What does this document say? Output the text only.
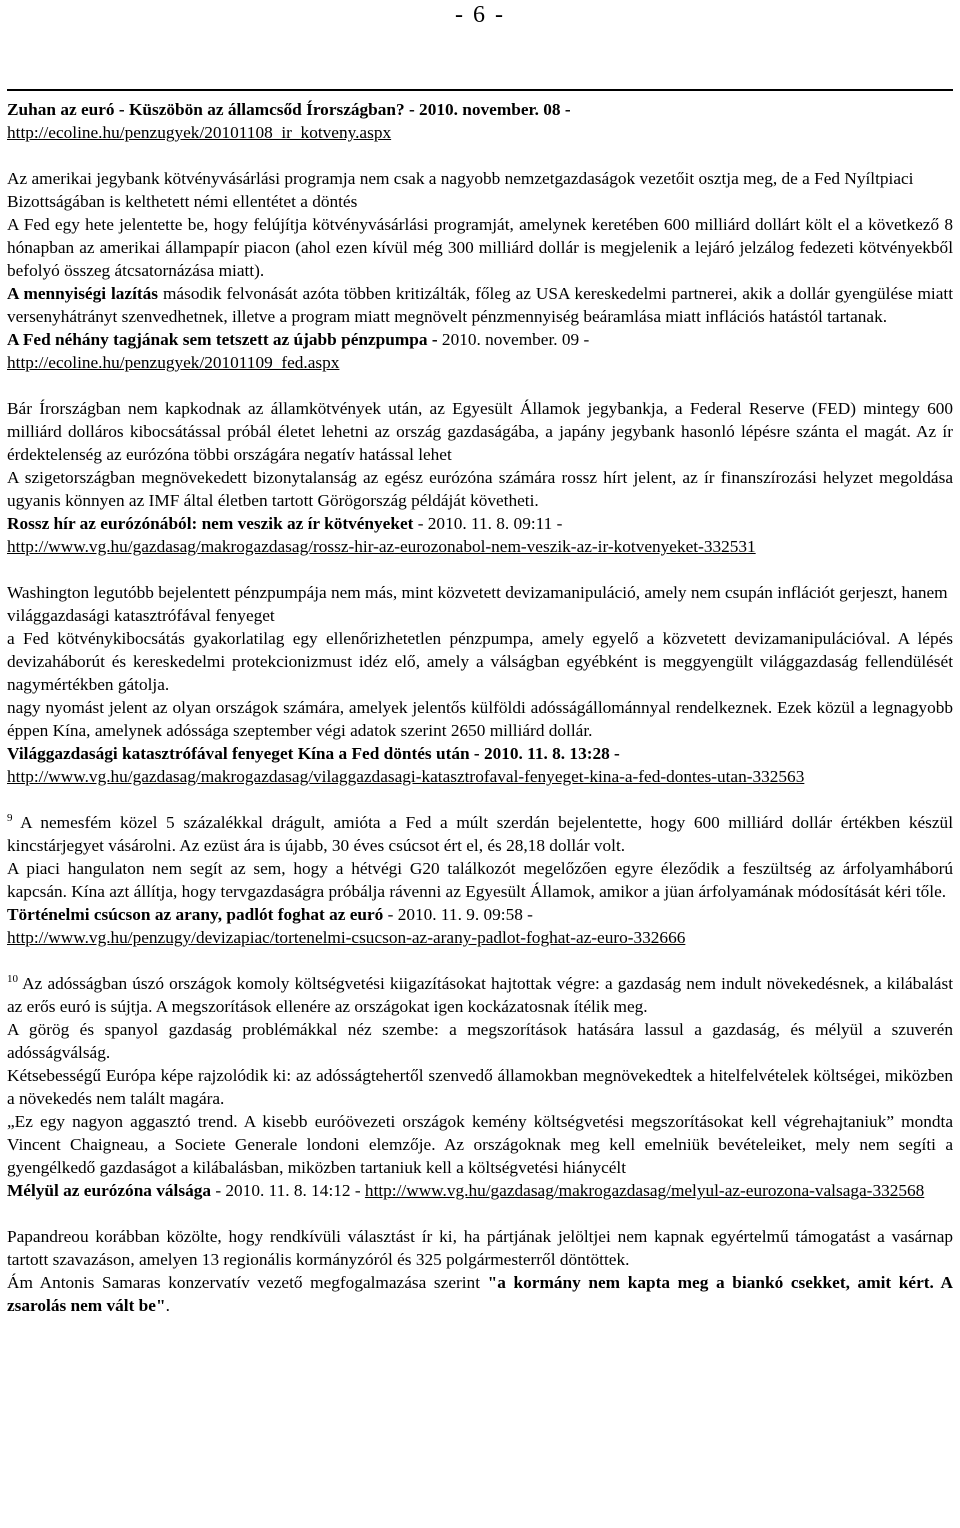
- 6 -
Zuhan az euró - Küszöbön az államcsőd Írországban? - 2010. november. 08 -
http://ecoline.hu/penzugyek/20101108_ir_kotveny.aspx

Az amerikai jegybank kötvényvásárlási programja nem csak a nagyobb nemzetgazdaságok vezetőit osztja meg, de a Fed Nyíltpiaci Bizottságában is kelthetett némi ellentétet a döntés

A Fed egy hete jelentette be, hogy felújítja kötvényvásárlási programját, amelynek keretében 600 milliárd dollárt költ el a következő 8 hónapban az amerikai állampapír piacon (ahol ezen kívül még 300 milliárd dollár is megjelenik a lejáró jelzálog fedezeti kötvényekből befolyó összeg átcsatornázása miatt).

A mennyiségi lazítás második felvonását azóta többen kritizálták, főleg az USA kereskedelmi partnerei, akik a dollár gyengülése miatt versenyhátrányt szenvedhetnek, illetve a program miatt megnövelt pénzmennyiség beáramlása miatt inflációs hatástól tartanak.

A Fed néhány tagjának sem tetszett az újabb pénzpumpa - 2010. november. 09 -
http://ecoline.hu/penzugyek/20101109_fed.aspx

Bár Írországban nem kapkodnak az államkötvények után, az Egyesült Államok jegybankja, a Federal Reserve (FED) mintegy 600 milliárd dolláros kibocsátással próbál életet lehetni az ország gazdaságába, a japány jegybank hasonló lépésre szánta el magát. Az ír érdektelenség az eurózóna többi országára negatív hatással lehet

A szigetországban megnövekedett bizonytalanság az egész eurózóna számára rossz hírt jelent, az ír finanszírozási helyzet megoldása ugyanis könnyen az IMF által életben tartott Görögország példáját követheti.

Rossz hír az eurózónából: nem veszik az ír kötvényeket - 2010. 11. 8. 09:11 -
http://www.vg.hu/gazdasag/makrogazdasag/rossz-hir-az-eurozonabol-nem-veszik-az-ir-kotvenyeket-332531

Washington legutóbb bejelentett pénzpumpája nem más, mint közvetett devizamanipuláció, amely nem csupán inflációt gerjeszt, hanem világgazdasági katasztrófával fenyeget

a Fed kötvénykibocsátás gyakorlatilag egy ellenőrizhetetlen pénzpumpa, amely egyelő a közvetett devizamanipulációval. A lépés devizaháborút és kereskedelmi protekcionizmust idéz elő, amely a válságban egyébként is meggyengült világgazdaság fellendülését nagymértékben gátolja.

nagy nyomást jelent az olyan országok számára, amelyek jelentős külföldi adósságállománnyal rendelkeznek. Ezek közül a legnagyobb éppen Kína, amelynek adóssága szeptember végi adatok szerint 2650 milliárd dollár.

Világgazdasági katasztrófával fenyeget Kína a Fed döntés után - 2010. 11. 8. 13:28 -
http://www.vg.hu/gazdasag/makrogazdasag/vilaggazdasagi-katasztrofaval-fenyeget-kina-a-fed-dontes-utan-332563

$^9$ A nemesfém közel 5 százalékkal drágult, amióta a Fed a múlt szerdán bejelentette, hogy 600 milliárd dollár értékben készül kincstárjegyet vásárolni. Az ezüst ára is újabb, 30 éves csúcsot ért el, és 28,18 dollár volt.

A piaci hangulaton nem segít az sem, hogy a hétvégi G20 találkozót megelőzően egyre éleződik a feszültség az árfolyamháború kapcsán. Kína azt állítja, hogy tervgazdaságra próbálja rávenni az Egyesült Államok, amikor a jüan árfolyamának módosítását kéri tőle.

Történelmi csúcson az arany, padlót foghat az euró - 2010. 11. 9. 09:58 -
http://www.vg.hu/penzugy/devizapiac/tortenelmi-csucson-az-arany-padlot-foghat-az-euro-332666

$^{10}$ Az adósságban úszó országok komoly költségvetési kiigazításokat hajtottak végre: a gazdaság nem indult növekedésnek, a kilábalást az erős euró is sújtja. A megszorítások ellenére az országokat igen kockázatosnak ítélik meg.

A görög és spanyol gazdaság problémákkal néz szembe: a megszorítások hatására lassul a gazdaság, és mélyül a szuverén adósságválság.

Kétsebességű Európa képe rajzolódik ki: az adósságtehertől szenvedő államokban megnövekedtek a hitelfelvételek költségei, miközben a növekedés nem talált magára.

„Ez egy nagyon aggasztó trend. A kisebb euróövezeti országok kemény költségvetési megszorításokat kell végrehajtaniuk” mondta Vincent Chaigneau, a Societe Generale londoni elemzője. Az országoknak meg kell emelniük bevételeiket, mely nem segíti a gyengélkedő gazdaságot a kilábalásban, miközben tartaniuk kell a költségvetési hiánycélt

Mélyül az eurózóna válsága - 2010. 11. 8. 14:12 - http://www.vg.hu/gazdasag/makrogazdasag/melyul-az-eurozona-valsaga-332568

Papandreou korábban közölte, hogy rendkívüli választást ír ki, ha pártjának jelöltjei nem kapnak egyértelmű támogatást a vasárnap tartott szavazáson, amelyen 13 regionális kormányzóról és 325 polgármesterről döntöttek.

Ám Antonis Samaras konzervatív vezető megfogalmazása szerint "a kormány nem kapta meg a biankó csekket, amit kért. A zsarolás nem vált be".
